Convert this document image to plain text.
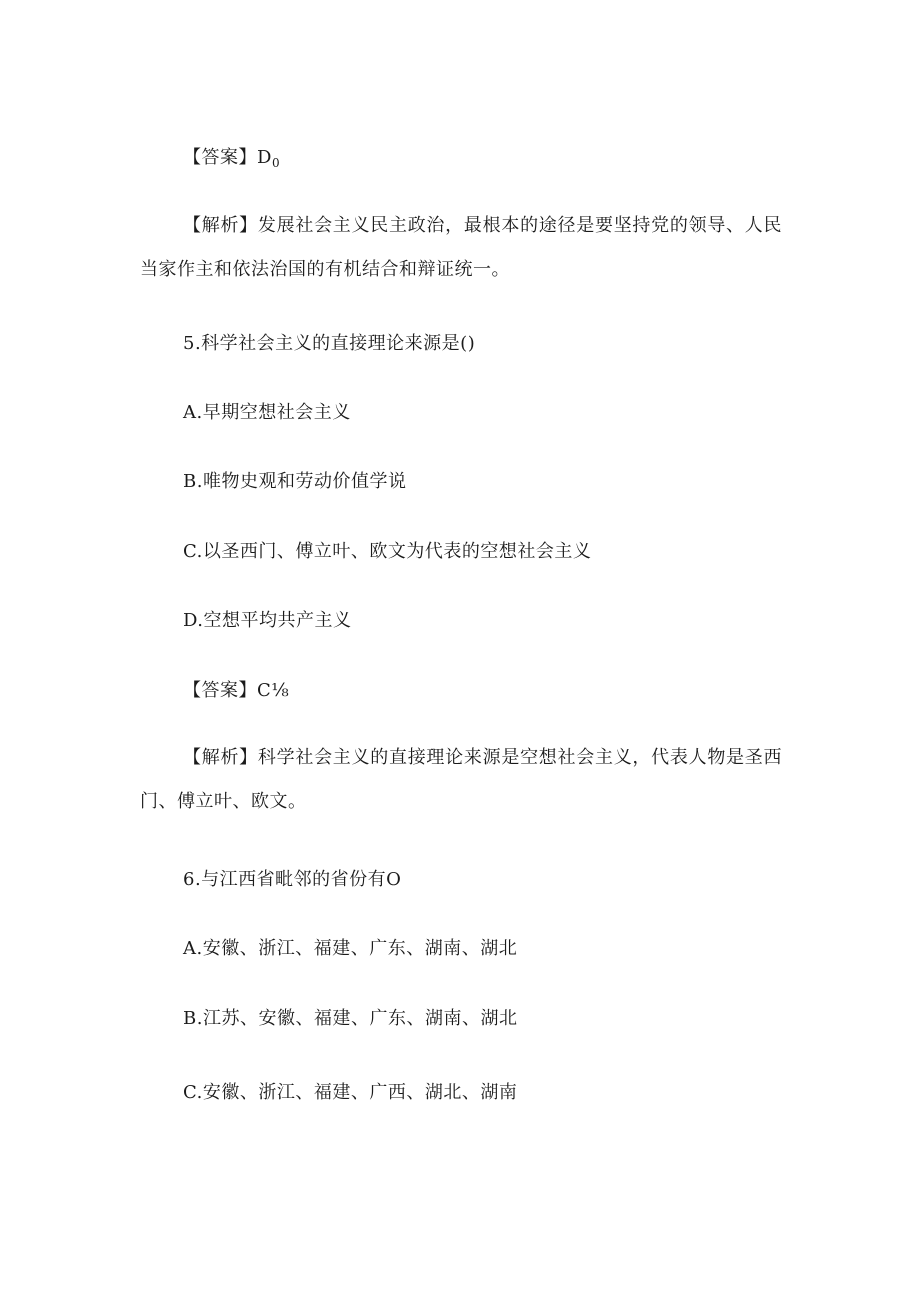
【答案】$D_0$
【解析】发展社会主义民主政治，最根本的途径是要坚持党的领导、人民当家作主和依法治国的有机结合和辩证统一。
5.科学社会主义的直接理论来源是()
A.早期空想社会主义
B.唯物史观和劳动价值学说
C.以圣西门、傅立叶、欧文为代表的空想社会主义
D.空想平均共产主义
【答案】C⅛
【解析】科学社会主义的直接理论来源是空想社会主义，代表人物是圣西门、傅立叶、欧文。
6.与江西省毗邻的省份有O
A.安徽、浙江、福建、广东、湖南、湖北
B.江苏、安徽、福建、广东、湖南、湖北
C.安徽、浙江、福建、广西、湖北、湖南
